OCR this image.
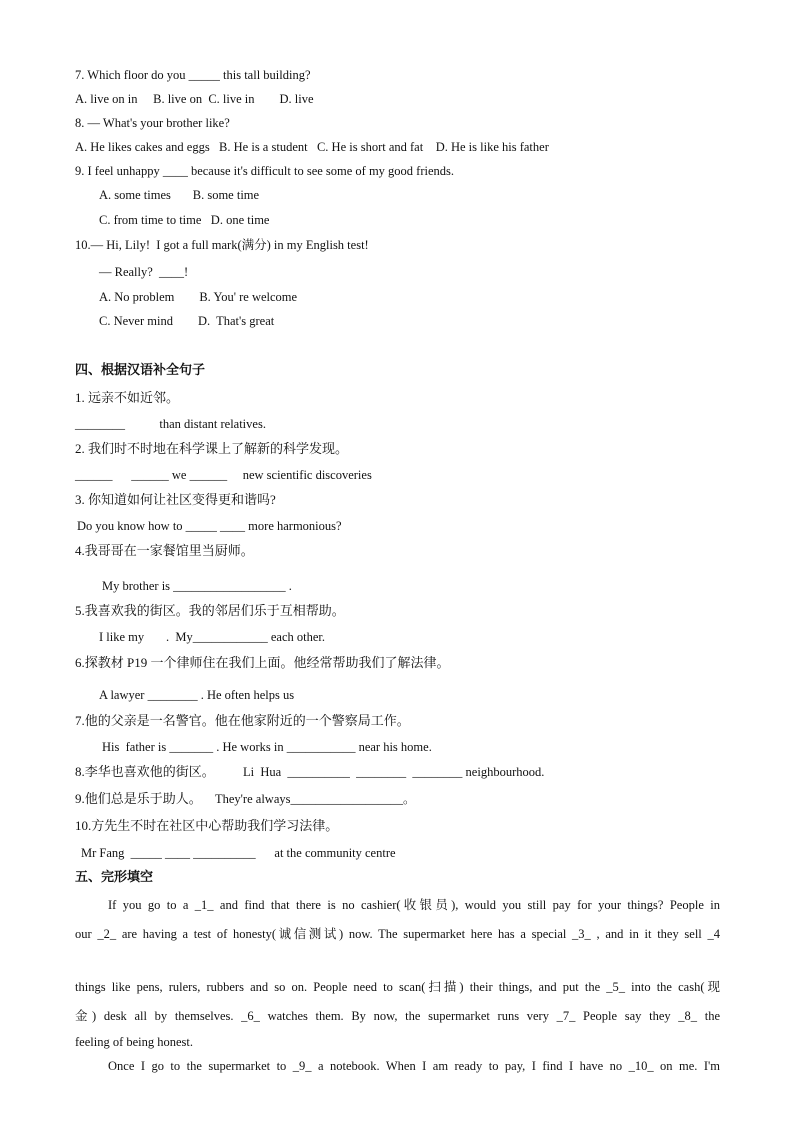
7. Which floor do you _____ this tall building?
A. live on in     B. live on  C. live in        D. live
8. — What's your brother like?
A. He likes cakes and eggs   B. He is a student   C. He is short and fat    D. He is like his father
9. I feel unhappy ____ because it's difficult to see some of my good friends.
A. some times       B. some time
C. from time to time   D. one time
10.— Hi, Lily!  I got a full mark(满分) in my English test!
— Really?  ____!
A. No problem        B. You' re welcome
C. Never mind        D.  That's great
四、根据汉语补全句子
1. 远亲不如近邻。
________           than distant relatives.
2. 我们时不时地在科学课上了解新的科学发现。
______      ______ we ______     new scientific discoveries
3. 你知道如何让社区变得更和谐吗?
Do you know how to _____ ____ more harmonious?
4.我哥哥在一家餐馆里当厨师。
My brother is __________________ .
5.我喜欢我的街区。我的邻居们乐于互相帮助。
I like my       .  My____________ each other.
6.探教材 P19 一个律师住在我们上面。他经常帮助我们了解法律。
A lawyer ________ . He often helps us
7.他的父亲是一名警官。他在他家附近的一个警察局工作。
His  father is _______ . He works in ___________ near his home.
8.李华也喜欢他的街区。 Li  Hua  __________  ________  ________ neighbourhood.
9.他们总是乐于助人。 They're always__________________。
10.方先生不时在社区中心帮助我们学习法律。
Mr Fang  _____ ____ __________      at the community centre
五、完形填空
If you go to a _1_ and find that there is no cashier(收银员), would you still pay for your things? People in
our _2_ are having a test of honesty(诚信测试) now. The supermarket here has a special _3_ , and in it they sell _4
things like pens, rulers, rubbers and so on. People need to scan(扫描) their things, and put the _5_ into the cash(现
金) desk all by themselves. _6_ watches them. By now, the supermarket runs very _7_ People say they _8_ the
feeling of being honest.
Once I go to the supermarket to _9_ a notebook. When I am ready to pay, I find I have no _10_ on me. I'm
